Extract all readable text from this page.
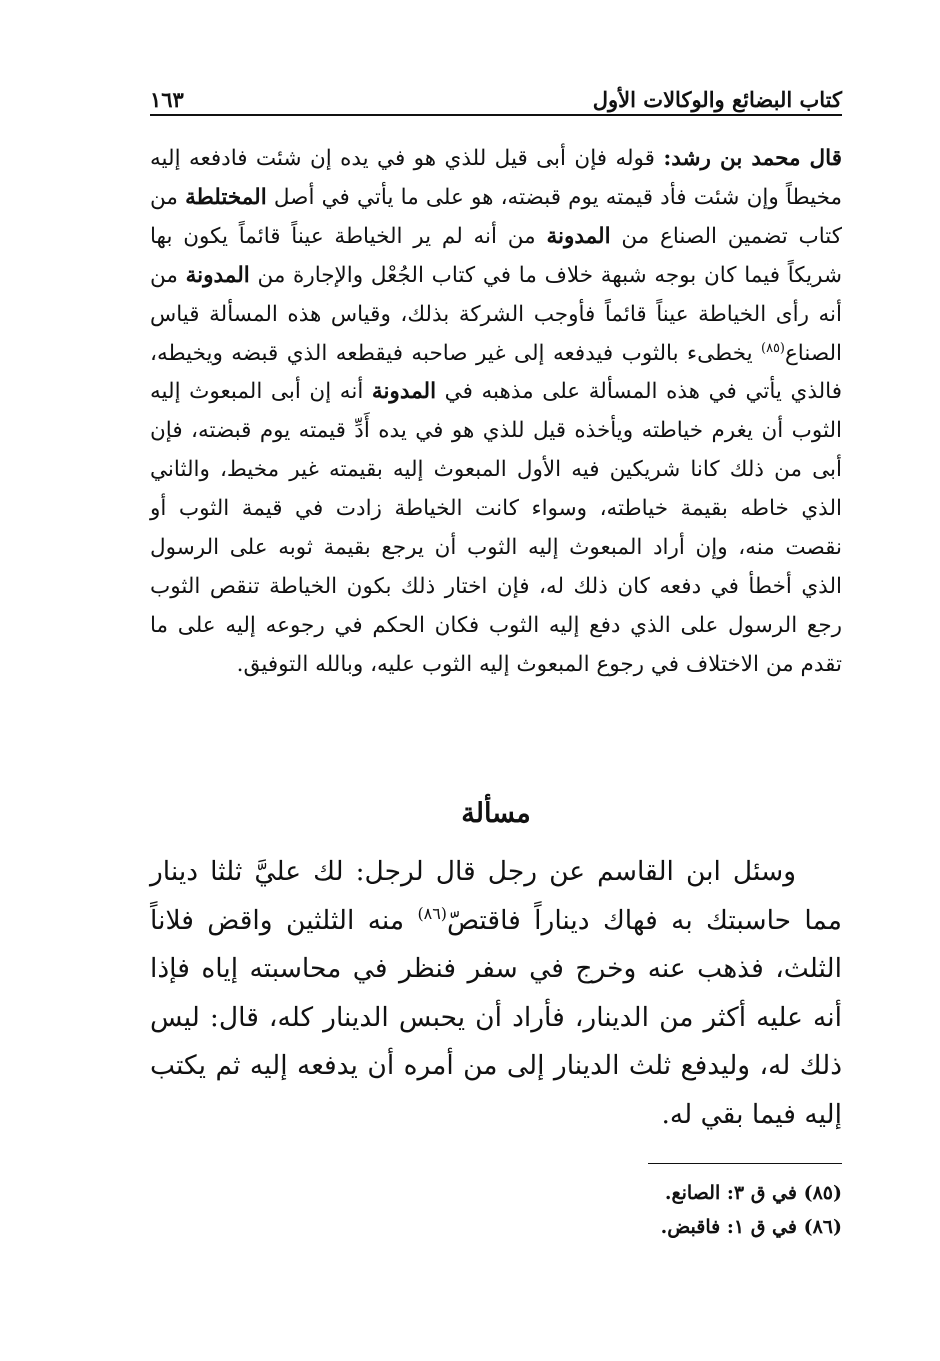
كتاب البضائع والوكالات الأول
١٦٣

قال محمد بن رشد: قوله فإن أبى قيل للذي هو في يده إن شئت فادفعه إليه مخيطاً وإن شئت فأد قيمته يوم قبضته، هو على ما يأتي في أصل المختلطة من كتاب تضمين الصناع من المدونة من أنه لم ير الخياطة عيناً قائماً يكون بها شريكاً فيما كان بوجه شبهة خلاف ما في كتاب الجُعْل والإجارة من المدونة من أنه رأى الخياطة عيناً قائماً فأوجب الشركة بذلك، وقياس هذه المسألة قياس الصناع$^{(٨٥)}$ يخطىء بالثوب فيدفعه إلى غير صاحبه فيقطعه الذي قبضه ويخيطه، فالذي يأتي في هذه المسألة على مذهبه في المدونة أنه إن أبى المبعوث إليه الثوب أن يغرم خياطته ويأخذه قيل للذي هو في يده أَدِّ قيمته يوم قبضته، فإن أبى من ذلك كانا شريكين فيه الأول المبعوث إليه بقيمته غير مخيط، والثاني الذي خاطه بقيمة خياطته، وسواء كانت الخياطة زادت في قيمة الثوب أو نقصت منه، وإن أراد المبعوث إليه الثوب أن يرجع بقيمة ثوبه على الرسول الذي أخطأ في دفعه كان ذلك له، فإن اختار ذلك بكون الخياطة تنقص الثوب رجع الرسول على الذي دفع إليه الثوب فكان الحكم في رجوعه إليه على ما تقدم من الاختلاف في رجوع المبعوث إليه الثوب عليه، وبالله التوفيق.

مسألة

وسئل ابن القاسم عن رجل قال لرجل: لك عليَّ ثلثا دينار مما حاسبتك به فهاك ديناراً فاقتصّ$^{(٨٦)}$ منه الثلثين واقض فلاناً الثلث، فذهب عنه وخرج في سفر فنظر في محاسبته إياه فإذا أنه عليه أكثر من الدينار، فأراد أن يحبس الدينار كله، قال: ليس ذلك له، وليدفع ثلث الدينار إلى من أمره أن يدفعه إليه ثم يكتب إليه فيما بقي له.

(٨٥) في ق ٣: الصانع.
(٨٦) في ق ١: فاقبض.
